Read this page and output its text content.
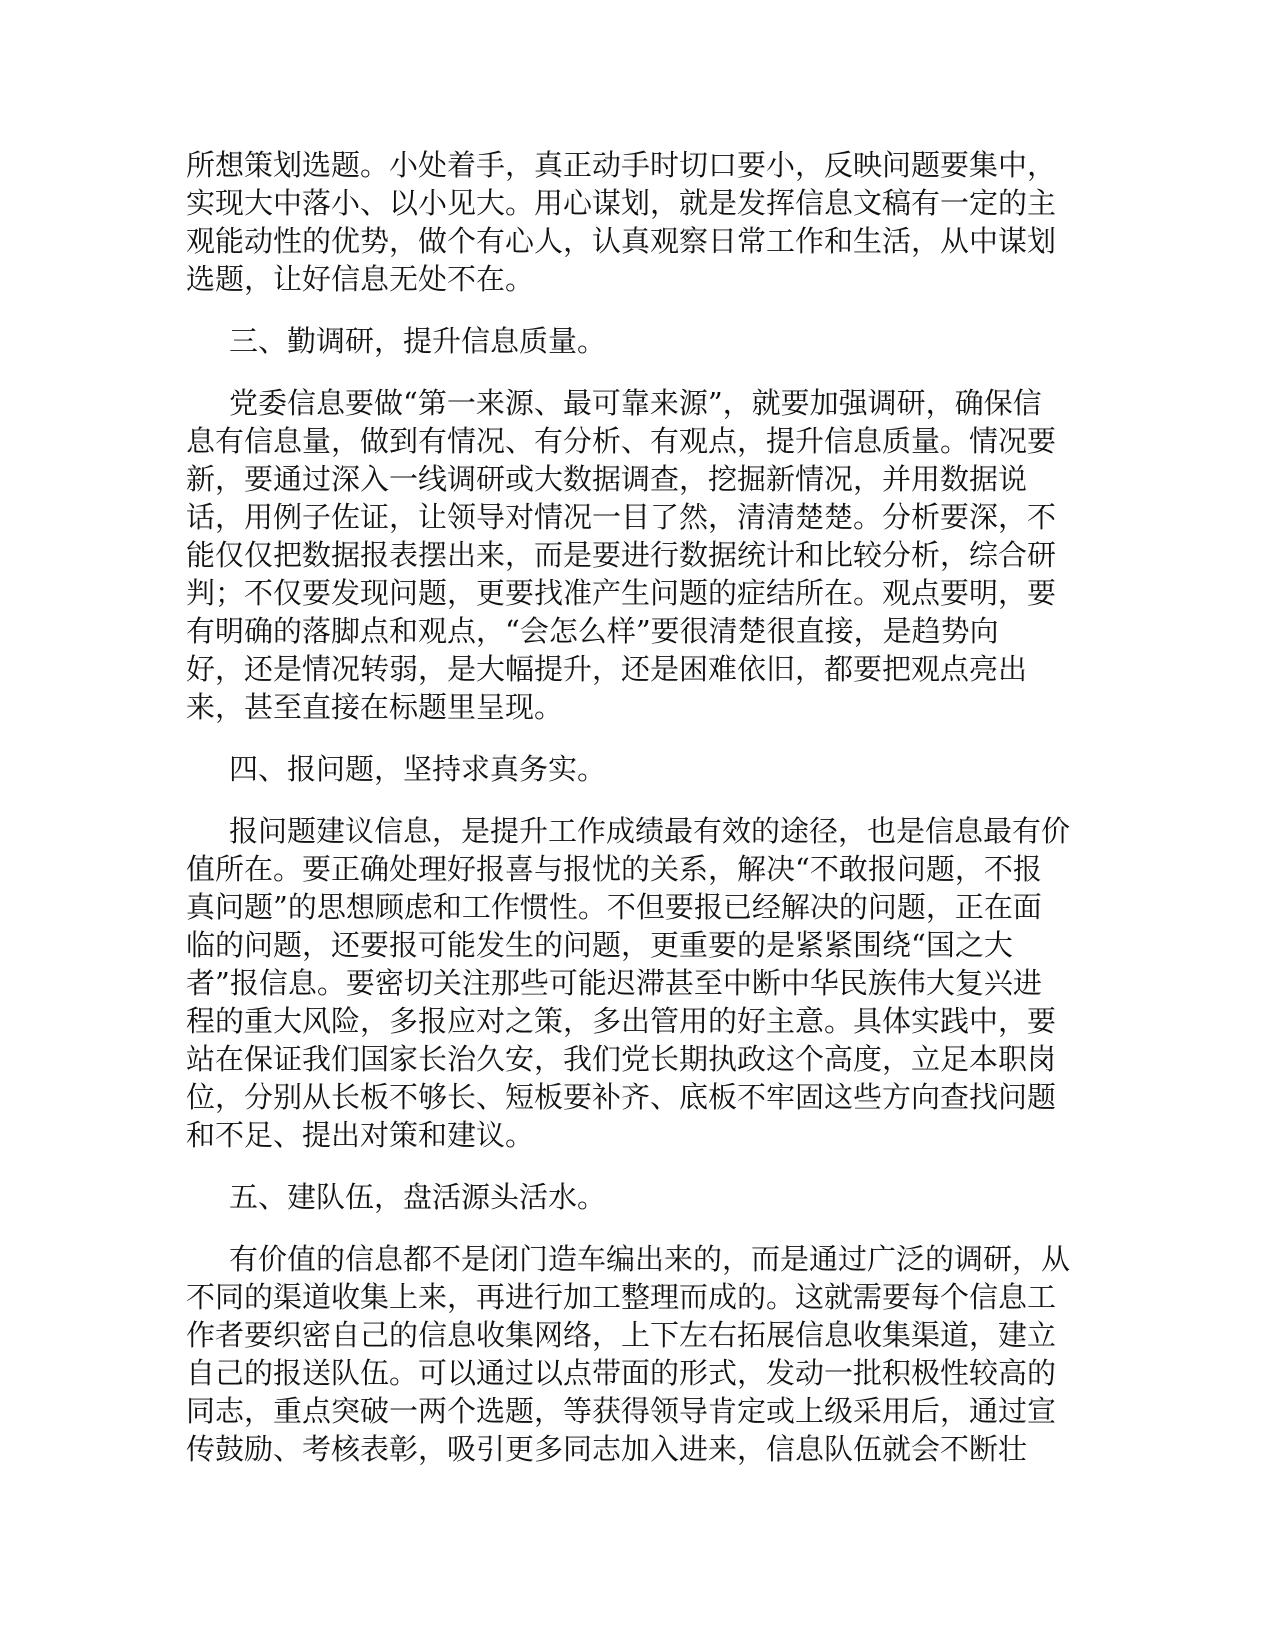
所想策划选题。小处着手，真正动手时切口要小，反映问题要集中，
实现大中落小、以小见大。用心谋划，就是发挥信息文稿有一定的主
观能动性的优势，做个有心人，认真观察日常工作和生活，从中谋划
选题，让好信息无处不在。
三、勤调研，提升信息质量。
党委信息要做“第一来源、最可靠来源”，就要加强调研，确保信
息有信息量，做到有情况、有分析、有观点，提升信息质量。情况要
新，要通过深入一线调研或大数据调查，挖掘新情况，并用数据说
话，用例子佐证，让领导对情况一目了然，清清楚楚。分析要深，不
能仅仅把数据报表摆出来，而是要进行数据统计和比较分析，综合研
判；不仅要发现问题，更要找准产生问题的症结所在。观点要明，要
有明确的落脚点和观点，“会怎么样”要很清楚很直接，是趋势向
好，还是情况转弱，是大幅提升，还是困难依旧，都要把观点亮出
来，甚至直接在标题里呈现。
四、报问题，坚持求真务实。
报问题建议信息，是提升工作成绩最有效的途径，也是信息最有价
值所在。要正确处理好报喜与报忧的关系，解决“不敢报问题，不报
真问题”的思想顾虑和工作惯性。不但要报已经解决的问题，正在面
临的问题，还要报可能发生的问题，更重要的是紧紧围绕“国之大
者”报信息。要密切关注那些可能迟滞甚至中断中华民族伟大复兴进
程的重大风险，多报应对之策，多出管用的好主意。具体实践中，要
站在保证我们国家长治久安，我们党长期执政这个高度，立足本职岗
位，分别从长板不够长、短板要补齐、底板不牢固这些方向查找问题
和不足、提出对策和建议。
五、建队伍，盘活源头活水。
有价值的信息都不是闭门造车编出来的，而是通过广泛的调研，从
不同的渠道收集上来，再进行加工整理而成的。这就需要每个信息工
作者要织密自己的信息收集网络，上下左右拓展信息收集渠道，建立
自己的报送队伍。可以通过以点带面的形式，发动一批积极性较高的
同志，重点突破一两个选题，等获得领导肯定或上级采用后，通过宣
传鼓励、考核表彰，吸引更多同志加入进来，信息队伍就会不断壮
